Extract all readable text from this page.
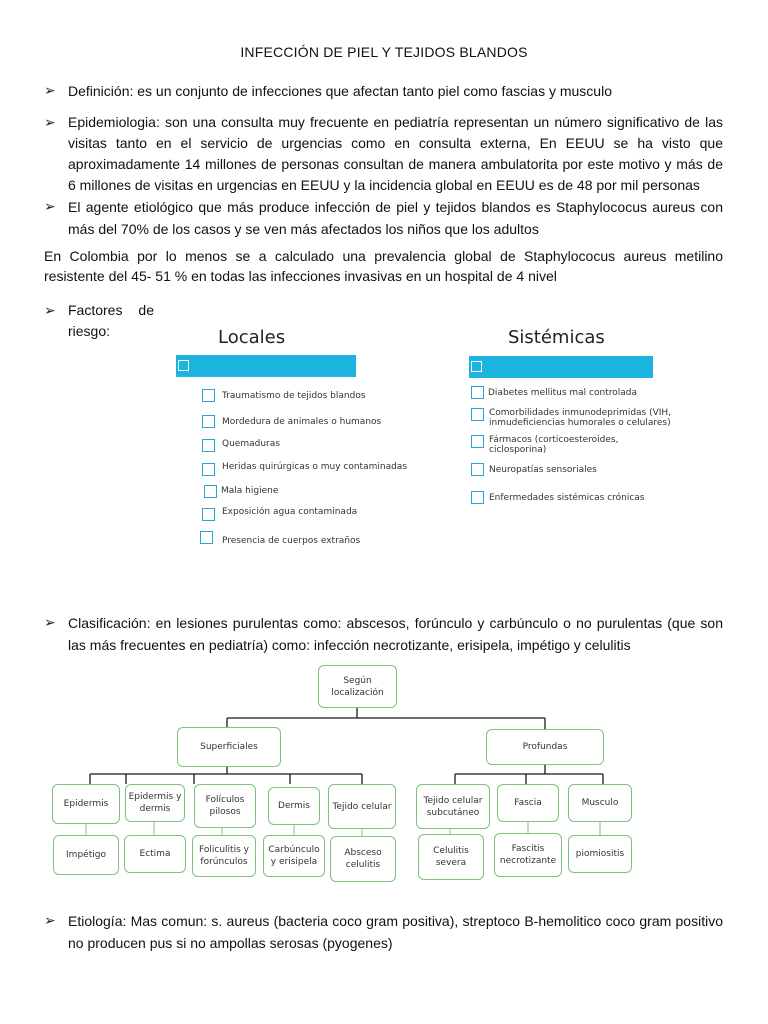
INFECCIÓN DE PIEL Y TEJIDOS BLANDOS
➢ Definición: es un conjunto de infecciones que afectan tanto piel como fascias y musculo
➢ Epidemiologia: son una consulta muy frecuente en pediatría representan un número significativo de las visitas tanto en el servicio de urgencias como en consulta externa, En EEUU se ha visto que aproximadamente 14 millones de personas consultan de manera ambulatorita por este motivo y más de 6 millones de visitas en urgencias en EEUU y la incidencia global en EEUU es de 48 por mil personas
➢ El agente etiológico que más produce infección de piel y tejidos blandos es Staphylococus aureus con más del 70% de los casos y se ven más afectados los niños que los adultos
En Colombia por lo menos se a calculado una prevalencia global de Staphylococus aureus metilino resistente del 45- 51 % en todas las infecciones invasivas en un hospital de 4 nivel
➢ Factores de
riesgo:	Locales
Traumatismo de tejidos blandos
Mordedura de animales o humanos
Quemaduras
Heridas quirúrgicas o muy contaminadas
Mala higiene
Exposición agua contaminada
Presencia de cuerpos extraños
Sistémicas
Diabetes mellitus mal controlada
Comorbilidades inmunodeprimidas (VIH, inmudeficiencias humorales o celulares)
Fármacos (corticoesteroides, ciclosporina)
Neuropatías sensoriales
Enfermedades sistémicas crónicas
➢ Clasificación: en lesiones purulentas como: abscesos, forúnculo y carbúnculo o no purulentas (que son las más frecuentes en pediatría) como: infección necrotizante, erisipela, impétigo y celulitis
Según localización
Superficiales	Profundas
Epidermis
Epidermis y dermis
Folículos pilosos
Dermis	Tejido celular
Tejido celular subcutáneo
Fascia	Musculo
Impétigo	Ectima	Foliculitis y forúnculos
Carbúnculo y erisipela
Absceso celulitis
Celulitis severa
Fascitis necrotizante
piomiositis
➢ Etiología: Mas comun: s. aureus (bacteria coco gram positiva), streptoco B-hemolitico coco gram positivo no producen pus si no ampollas serosas (pyogenes)
